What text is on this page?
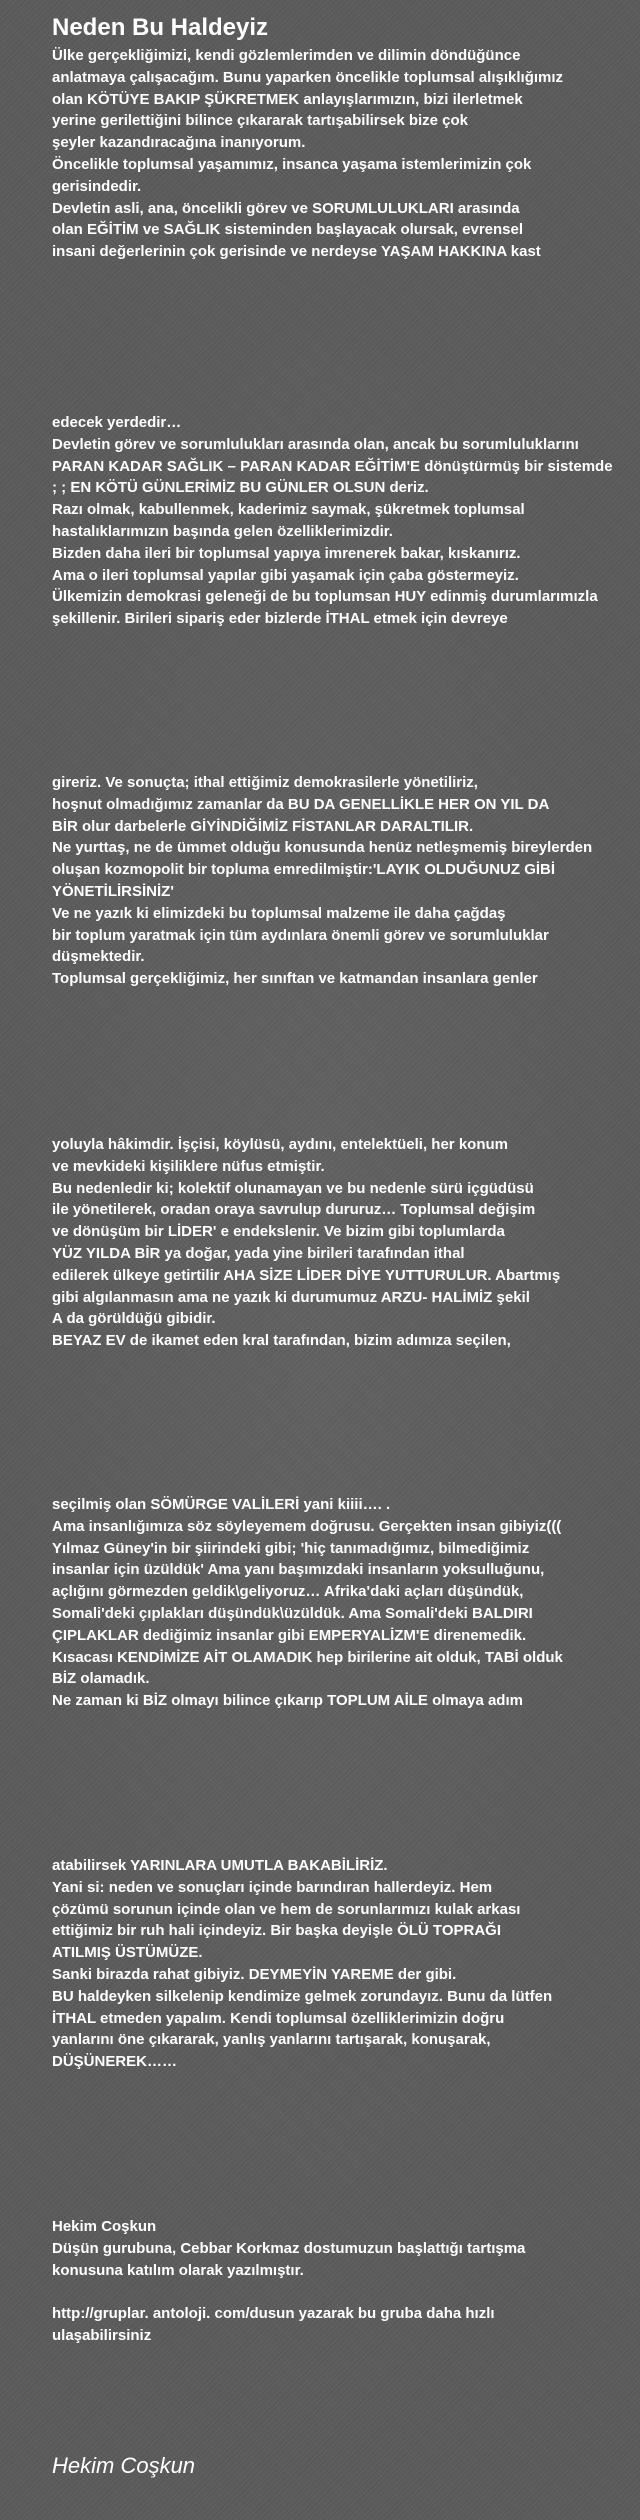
Neden Bu Haldeyiz
Ülke gerçekliğimizi, kendi gözlemlerimden ve dilimin döndüğünce
anlatmaya çalışacağım. Bunu yaparken öncelikle toplumsal alışıklığımız
olan KÖTÜYE BAKIP ŞÜKRETMEK anlayışlarımızın, bizi ilerletmek
yerine gerilettiğini bilince çıkararak tartışabilirsek bize çok
şeyler kazandıracağına inanıyorum.
Öncelikle toplumsal yaşamımız, insanca yaşama istemlerimizin çok
gerisindedir.
Devletin asli, ana, öncelikli görev ve SORUMLULUKLARI arasında
olan EĞİTİM ve SAĞLIK sisteminden başlayacak olursak, evrensel
insani değerlerinin çok gerisinde ve nerdeyse YAŞAM HAKKINA kast
edecek yerdedir…
Devletin görev ve sorumlulukları arasında olan, ancak bu sorumluluklarını
PARAN KADAR SAĞLIK – PARAN KADAR EĞİTİM'E dönüştürmüş bir sistemde
; ; EN KÖTÜ GÜNLERİMİZ BU GÜNLER OLSUN deriz.
Razı olmak, kabullenmek, kaderimiz saymak, şükretmek toplumsal
hastalıklarımızın başında gelen özelliklerimizdir.
Bizden daha ileri bir toplumsal yapıya imrenerek bakar, kıskanırız.
Ama o ileri toplumsal yapılar gibi yaşamak için çaba göstermeyiz.
Ülkemizin demokrasi geleneği de bu toplumsan HUY edinmiş durumlarımızla
şekillenir. Birileri sipariş eder bizlerde İTHAL etmek için devreye
gireriz. Ve sonuçta; ithal ettiğimiz demokrasilerle yönetiliriz,
hoşnut olmadığımız zamanlar da BU DA GENELLİKLE HER ON YIL DA
BİR olur darbelerle GİYİNDİĞİMİZ FİSTANLAR DARALTILIR.
Ne yurttaş, ne de ümmet olduğu konusunda henüz netleşmemiş bireylerden
oluşan kozmopolit bir topluma emredilmiştir:'LAYIK OLDUĞUNUZ GİBİ
YÖNETİLİRSİNİZ'
Ve ne yazık ki elimizdeki bu toplumsal malzeme ile daha çağdaş
bir toplum yaratmak için tüm aydınlara önemli görev ve sorumluluklar
düşmektedir.
Toplumsal gerçekliğimiz, her sınıftan ve katmandan insanlara genler
yoluyla hâkimdir. İşçisi, köylüsü, aydını, entelektüeli, her konum
ve mevkideki kişiliklere nüfus etmiştir.
Bu nedenledir ki; kolektif olunamayan ve bu nedenle sürü içgüdüsü
ile yönetilerek, oradan oraya savrulup dururuz… Toplumsal değişim
ve dönüşüm bir LİDER' e endekslenir. Ve bizim gibi toplumlarda
YÜZ YILDA BİR ya doğar, yada yine birileri tarafından ithal
edilerek ülkeye getirtilir AHA SİZE LİDER DİYE YUTTURULUR. Abartmış
gibi algılanmasın ama ne yazık ki durumumuz ARZU- HALİMİZ şekil
A da görüldüğü gibidir.
BEYAZ EV de ikamet eden kral tarafından, bizim adımıza seçilen,
seçilmiş olan SÖMÜRGE VALİLERİ yani kiiii…. .
Ama insanlığımıza söz söyleyemem doğrusu. Gerçekten insan gibiyiz(((
Yılmaz Güney'in bir şiirindeki gibi; 'hiç tanımadığımız, bilmediğimiz
insanlar için üzüldük' Ama yanı başımızdaki insanların yoksulluğunu,
açlığını görmezden geldik\geliyoruz… Afrika'daki açları düşündük,
Somali'deki çıplakları düşündük\üzüldük. Ama Somali'deki BALDIRI
ÇIPLAKLAR dediğimiz insanlar gibi EMPERYALİZM'E direnemedik.
Kısacası KENDİMİZE AİT OLAMADIK hep birilerine ait olduk, TABİ olduk
BİZ olamadık.
Ne zaman ki BİZ olmayı bilince çıkarıp TOPLUM AİLE olmaya adım
atabilirsek YARINLARA UMUTLA BAKABİLİRİZ.
Yani si: neden ve sonuçları içinde barındıran hallerdeyiz. Hem
çözümü sorunun içinde olan ve hem de sorunlarımızı kulak arkası
ettiğimiz bir ruh hali içindeyiz. Bir başka deyişle ÖLÜ TOPRAĞI
ATILMIŞ ÜSTÜMÜZE.
Sanki birazda rahat gibiyiz. DEYMEYİN YAREME der gibi.
BU haldeyken silkelenip kendimize gelmek zorundayız. Bunu da lütfen
İTHAL etmeden yapalım. Kendi toplumsal özelliklerimizin doğru
yanlarını öne çıkararak, yanlış yanlarını tartışarak, konuşarak,
DÜŞÜNEREK……
Hekim Coşkun
Düşün gurubuna, Cebbar Korkmaz dostumuzun başlattığı tartışma
konusuna katılım olarak yazılmıştır.
http://gruplar. antoloji. com/dusun yazarak bu gruba daha hızlı
ulaşabilirsiniz
Hekim Coşkun
